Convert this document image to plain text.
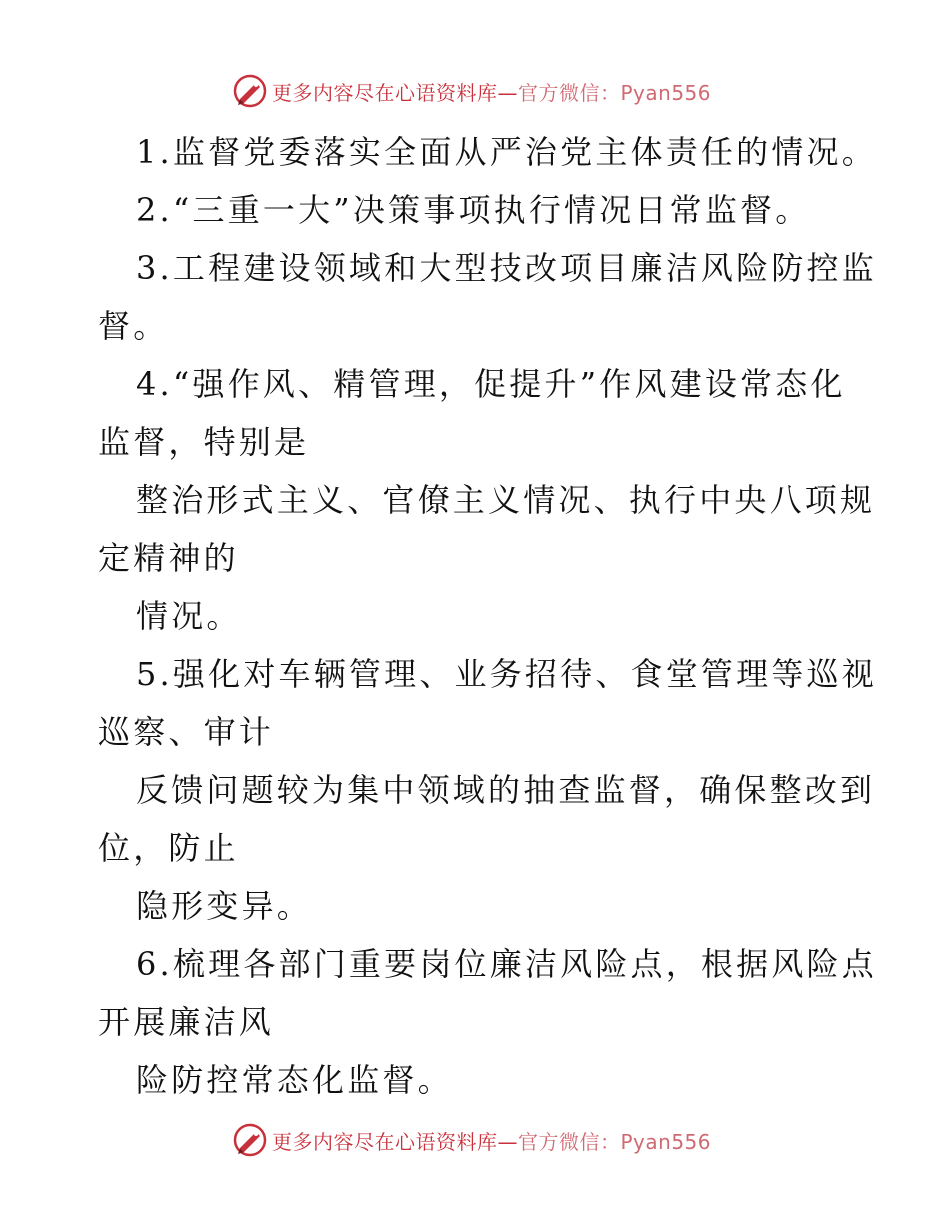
更多内容尽在心语资料库—官方微信：Pyan556
1.监督党委落实全面从严治党主体责任的情况。
2.“三重一大”决策事项执行情况日常监督。
3.工程建设领域和大型技改项目廉洁风险防控监
督。
4.“强作风、精管理，促提升”作风建设常态化
监督，特别是
整治形式主义、官僚主义情况、执行中央八项规
定精神的
情况。
5.强化对车辆管理、业务招待、食堂管理等巡视
巡察、审计
反馈问题较为集中领域的抽查监督，确保整改到
位，防止
隐形变异。
6.梳理各部门重要岗位廉洁风险点，根据风险点
开展廉洁风
险防控常态化监督。
更多内容尽在心语资料库—官方微信：Pyan556
